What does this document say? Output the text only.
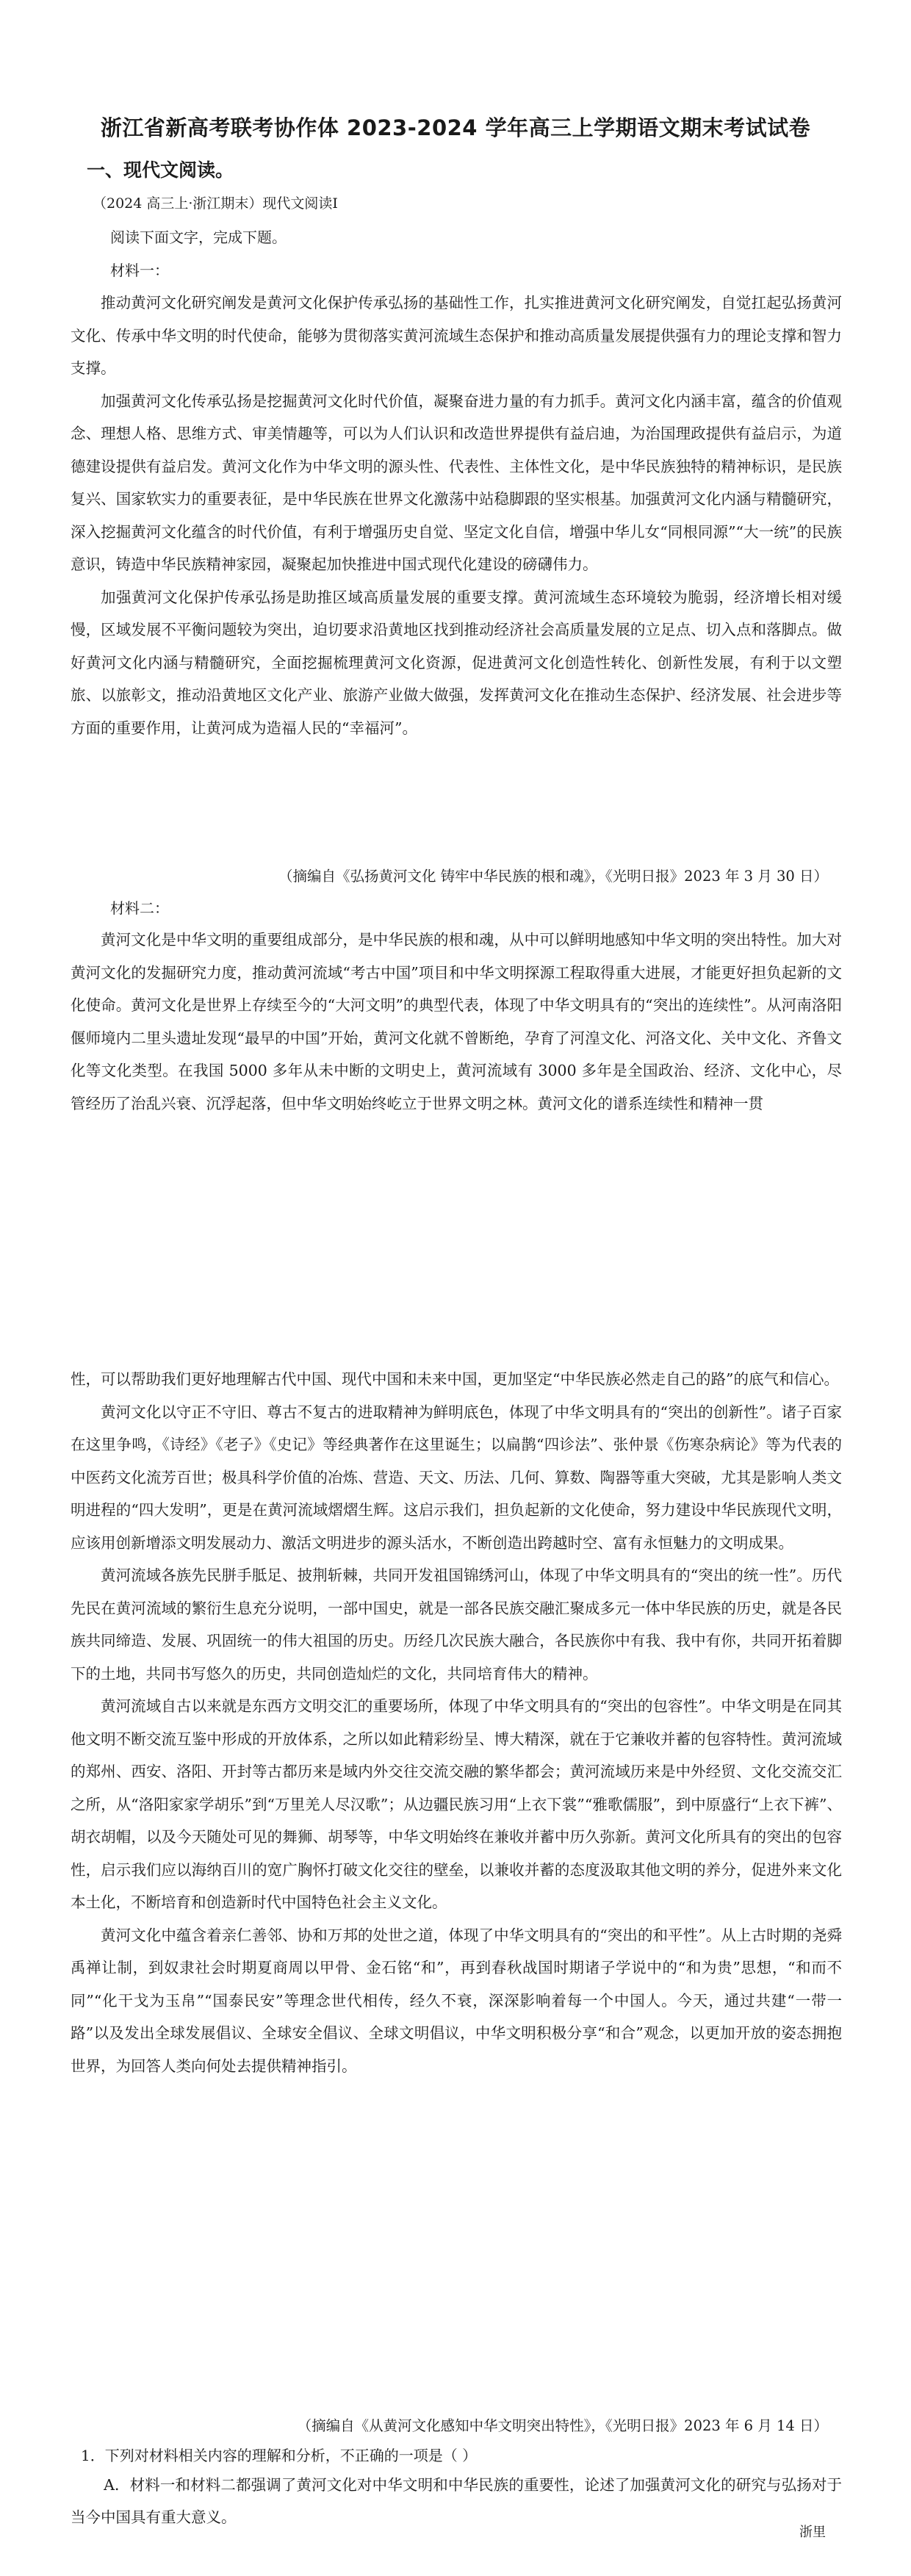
浙江省新高考联考协作体 2023-2024 学年高三上学期语文期末考试试卷
一、现代文阅读。
（2024 高三上·浙江期末）现代文阅读Ⅰ
阅读下面文字，完成下题。
材料一：

推动黄河文化研究阐发是黄河文化保护传承弘扬的基础性工作，扎实推进黄河文化研究阐发，自觉扛起弘扬黄河文化、传承中华文明的时代使命，能够为贯彻落实黄河流域生态保护和推动高质量发展提供强有力的理论支撑和智力支撑。

加强黄河文化传承弘扬是挖掘黄河文化时代价值，凝聚奋进力量的有力抓手。黄河文化内涵丰富，蕴含的价值观念、理想人格、思维方式、审美情趣等，可以为人们认识和改造世界提供有益启迪，为治国理政提供有益启示，为道德建设提供有益启发。黄河文化作为中华文明的源头性、代表性、主体性文化，是中华民族独特的精神标识，是民族复兴、国家软实力的重要表征，是中华民族在世界文化激荡中站稳脚跟的坚实根基。加强黄河文化内涵与精髓研究，深入挖掘黄河文化蕴含的时代价值，有利于增强历史自觉、坚定文化自信，增强中华儿女“同根同源”“大一统”的民族意识，铸造中华民族精神家园，凝聚起加快推进中国式现代化建设的磅礴伟力。

加强黄河文化保护传承弘扬是助推区域高质量发展的重要支撑。黄河流域生态环境较为脆弱，经济增长相对缓慢，区域发展不平衡问题较为突出，迫切要求沿黄地区找到推动经济社会高质量发展的立足点、切入点和落脚点。做好黄河文化内涵与精髓研究，全面挖掘梳理黄河文化资源，促进黄河文化创造性转化、创新性发展，有利于以文塑旅、以旅彰文，推动沿黄地区文化产业、旅游产业做大做强，发挥黄河文化在推动生态保护、经济发展、社会进步等方面的重要作用，让黄河成为造福人民的“幸福河”。

（摘编自《弘扬黄河文化 铸牢中华民族的根和魂》，《光明日报》2023 年 3 月 30 日）
材料二：

黄河文化是中华文明的重要组成部分，是中华民族的根和魂，从中可以鲜明地感知中华文明的突出特性。加大对黄河文化的发掘研究力度，推动黄河流域“考古中国”项目和中华文明探源工程取得重大进展，才能更好担负起新的文化使命。黄河文化是世界上存续至今的“大河文明”的典型代表，体现了中华文明具有的“突出的连续性”。从河南洛阳偃师境内二里头遗址发现“最早的中国”开始，黄河文化就不曾断绝，孕育了河湟文化、河洛文化、关中文化、齐鲁文化等文化类型。在我国 5000 多年从未中断的文明史上，黄河流域有 3000 多年是全国政治、经济、文化中心，尽管经历了治乱兴衰、沉浮起落，但中华文明始终屹立于世界文明之林。黄河文化的谱系连续性和精神一贯

性，可以帮助我们更好地理解古代中国、现代中国和未来中国，更加坚定“中华民族必然走自己的路”的底气和信心。

黄河文化以守正不守旧、尊古不复古的进取精神为鲜明底色，体现了中华文明具有的“突出的创新性”。诸子百家在这里争鸣，《诗经》《老子》《史记》等经典著作在这里诞生；以扁鹊“四诊法”、张仲景《伤寒杂病论》等为代表的中医药文化流芳百世；极具科学价值的冶炼、营造、天文、历法、几何、算数、陶器等重大突破，尤其是影响人类文明进程的“四大发明”，更是在黄河流域熠熠生辉。这启示我们，担负起新的文化使命，努力建设中华民族现代文明，应该用创新增添文明发展动力、激活文明进步的源头活水，不断创造出跨越时空、富有永恒魅力的文明成果。

黄河流域各族先民胼手胝足、披荆斩棘，共同开发祖国锦绣河山，体现了中华文明具有的“突出的统一性”。历代先民在黄河流域的繁衍生息充分说明，一部中国史，就是一部各民族交融汇聚成多元一体中华民族的历史，就是各民族共同缔造、发展、巩固统一的伟大祖国的历史。历经几次民族大融合，各民族你中有我、我中有你，共同开拓着脚下的土地，共同书写悠久的历史，共同创造灿烂的文化，共同培育伟大的精神。

黄河流域自古以来就是东西方文明交汇的重要场所，体现了中华文明具有的“突出的包容性”。中华文明是在同其他文明不断交流互鉴中形成的开放体系，之所以如此精彩纷呈、博大精深，就在于它兼收并蓄的包容特性。黄河流域的郑州、西安、洛阳、开封等古都历来是域内外交往交流交融的繁华都会；黄河流域历来是中外经贸、文化交流交汇之所，从“洛阳家家学胡乐”到“万里羌人尽汉歌”；从边疆民族习用“上衣下裳”“雅歌儒服”，到中原盛行“上衣下裤”、胡衣胡帽，以及今天随处可见的舞狮、胡琴等，中华文明始终在兼收并蓄中历久弥新。黄河文化所具有的突出的包容性，启示我们应以海纳百川的宽广胸怀打破文化交往的壁垒，以兼收并蓄的态度汲取其他文明的养分，促进外来文化本土化，不断培育和创造新时代中国特色社会主义文化。

黄河文化中蕴含着亲仁善邻、协和万邦的处世之道，体现了中华文明具有的“突出的和平性”。从上古时期的尧舜禹禅让制，到奴隶社会时期夏商周以甲骨、金石铭“和”，再到春秋战国时期诸子学说中的“和为贵”思想，“和而不同”“化干戈为玉帛”“国泰民安”等理念世代相传，经久不衰，深深影响着每一个中国人。今天，通过共建“一带一路”以及发出全球发展倡议、全球安全倡议、全球文明倡议，中华文明积极分享“和合”观念，以更加开放的姿态拥抱世界，为回答人类向何处去提供精神指引。

（摘编自《从黄河文化感知中华文明突出特性》，《光明日报》2023 年 6 月 14 日）
1．下列对材料相关内容的理解和分析，不正确的一项是（ ）

A．材料一和材料二都强调了黄河文化对中华文明和中华民族的重要性，论述了加强黄河文化的研究与弘扬对于当今中国具有重大意义。

浙里
